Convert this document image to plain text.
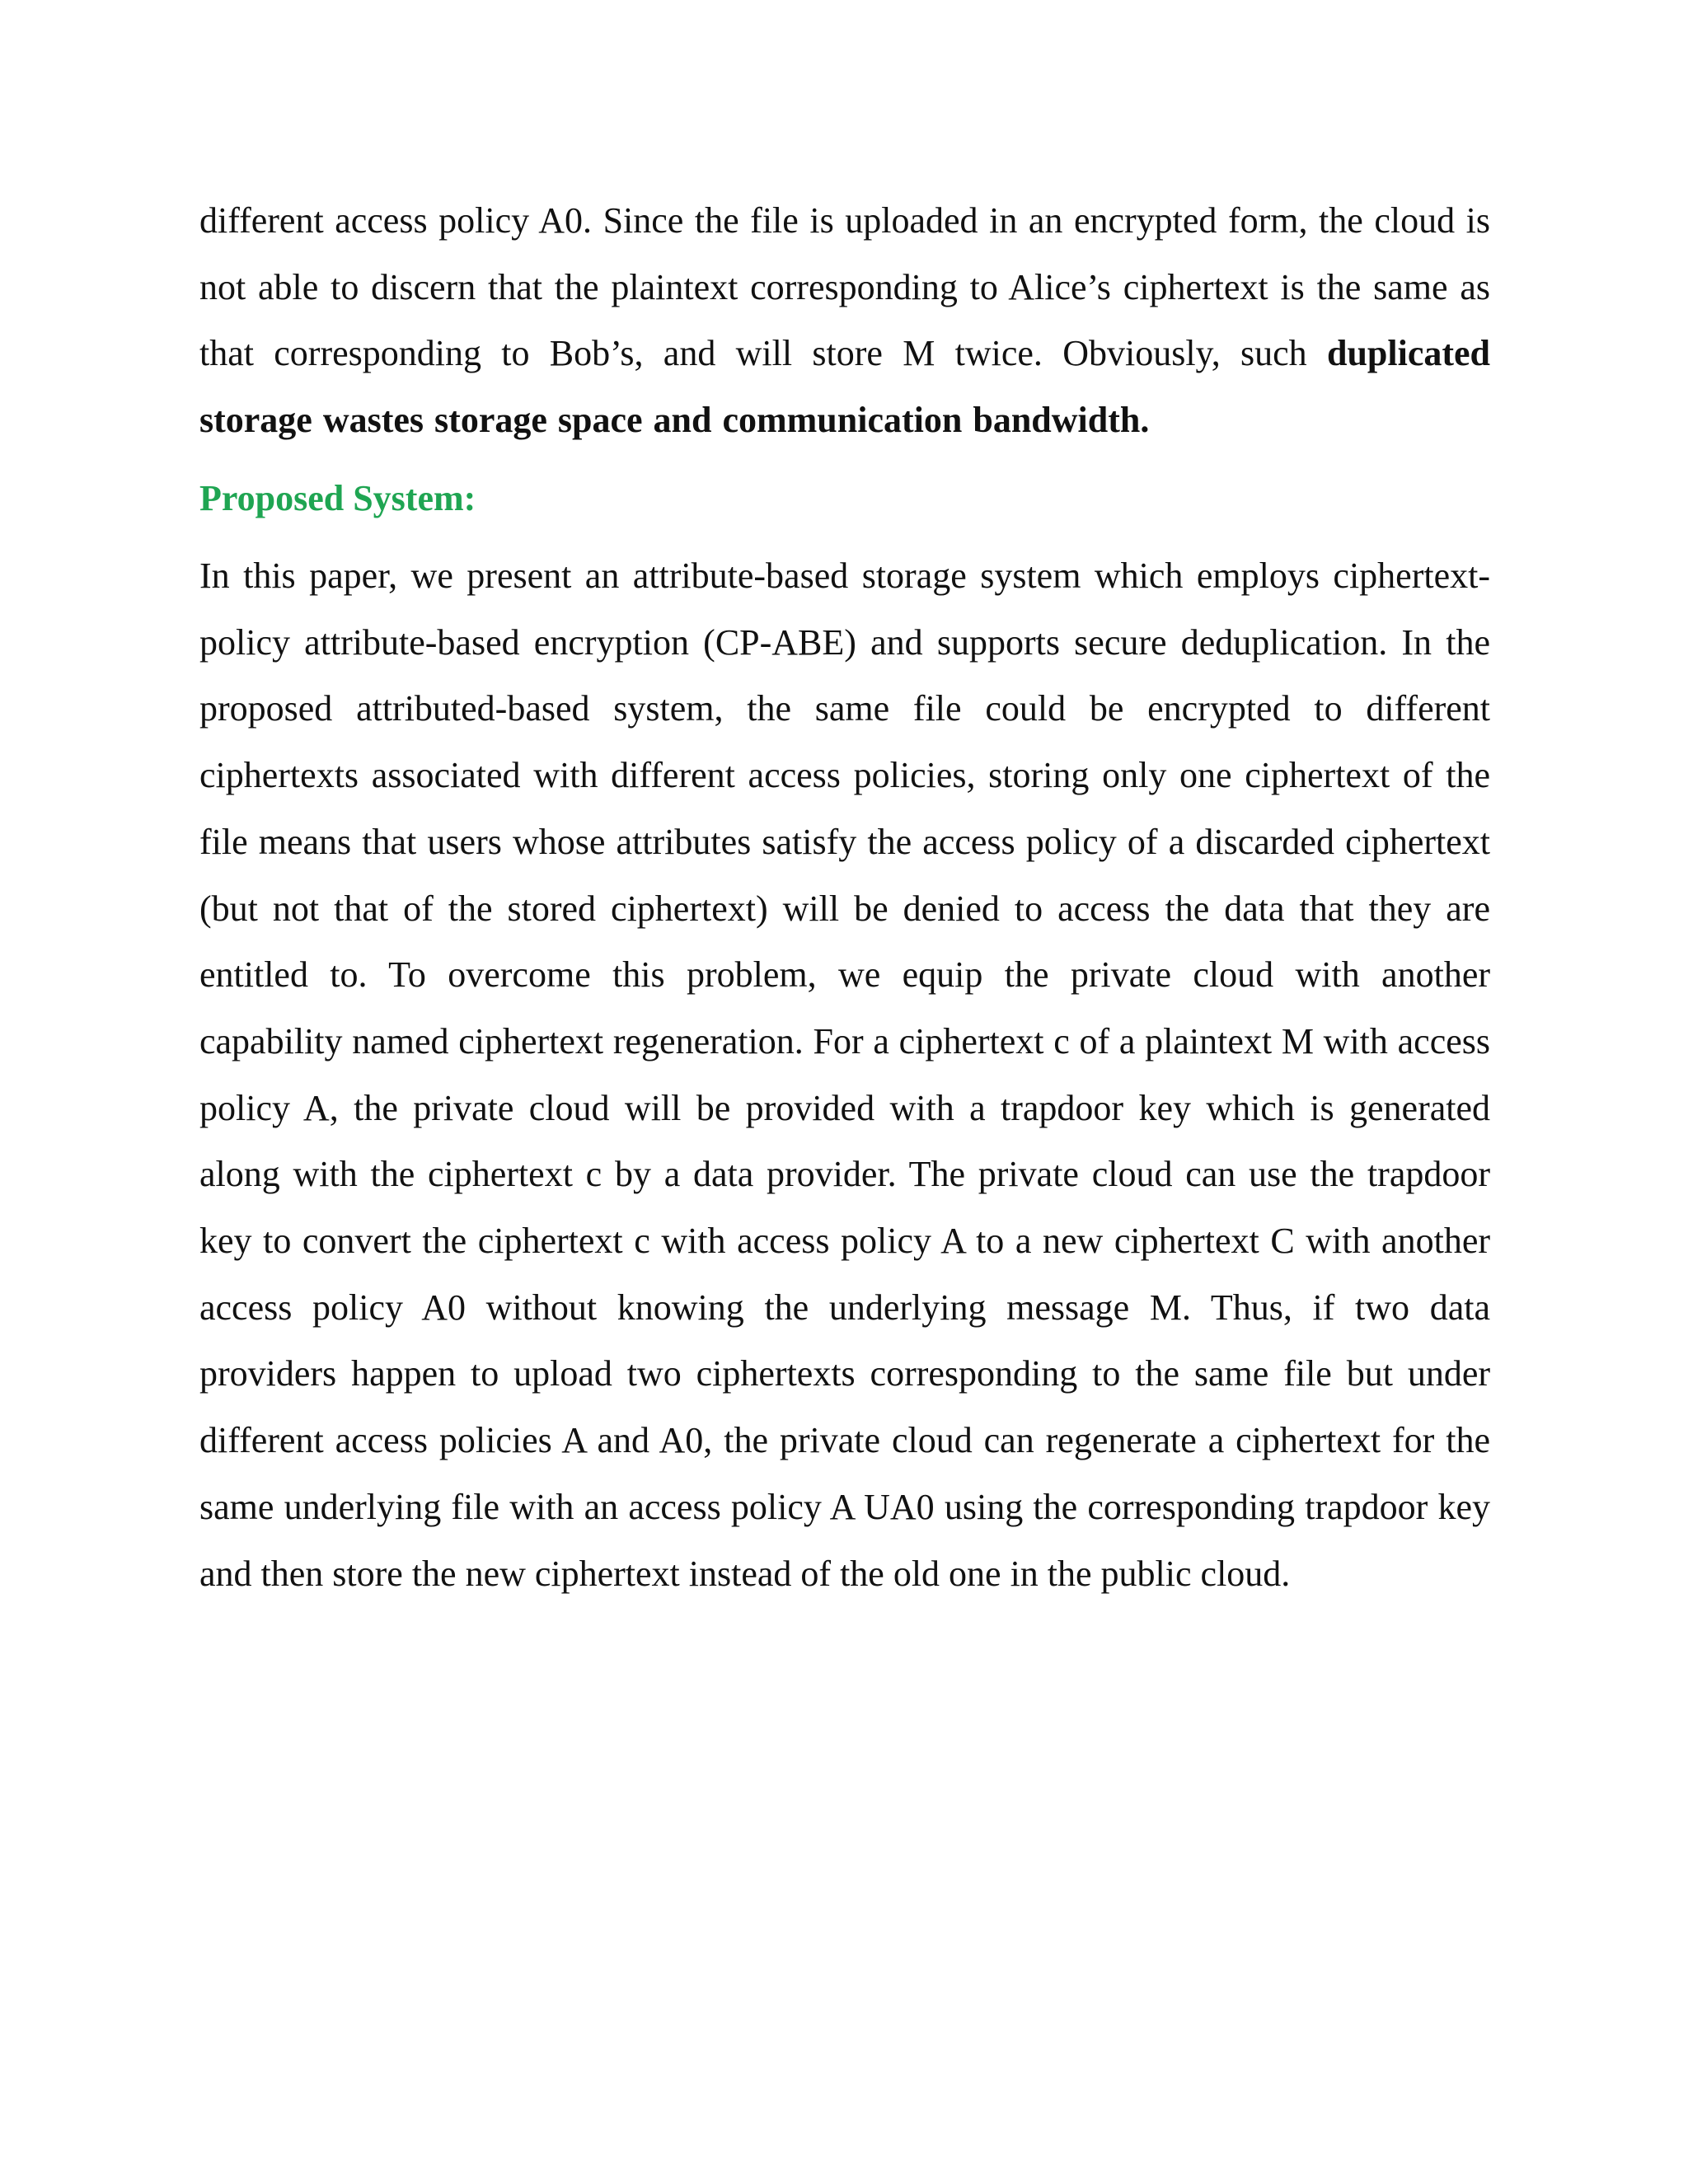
different access policy A0. Since the file is uploaded in an encrypted form, the cloud is not able to discern that the plaintext corresponding to Alice’s ciphertext is the same as that corresponding to Bob’s, and will store M twice. Obviously, such duplicated storage wastes storage space and communication bandwidth.

Proposed System:

In this paper, we present an attribute-based storage system which employs ciphertext-policy attribute-based encryption (CP-ABE) and supports secure deduplication. In the proposed attributed-based system, the same file could be encrypted to different ciphertexts associated with different access policies, storing only one ciphertext of the file means that users whose attributes satisfy the access policy of a discarded ciphertext (but not that of the stored ciphertext) will be denied to access the data that they are entitled to. To overcome this problem, we equip the private cloud with another capability named ciphertext regeneration. For a ciphertext c of a plaintext M with access policy A, the private cloud will be provided with a trapdoor key which is generated along with the ciphertext c by a data provider. The private cloud can use the trapdoor key to convert the ciphertext c with access policy A to a new ciphertext C with another access policy A0 without knowing the underlying message M. Thus, if two data providers happen to upload two ciphertexts corresponding to the same file but under different access policies A and A0, the private cloud can regenerate a ciphertext for the same underlying file with an access policy A UA0 using the corresponding trapdoor key and then store the new ciphertext instead of the old one in the public cloud.
